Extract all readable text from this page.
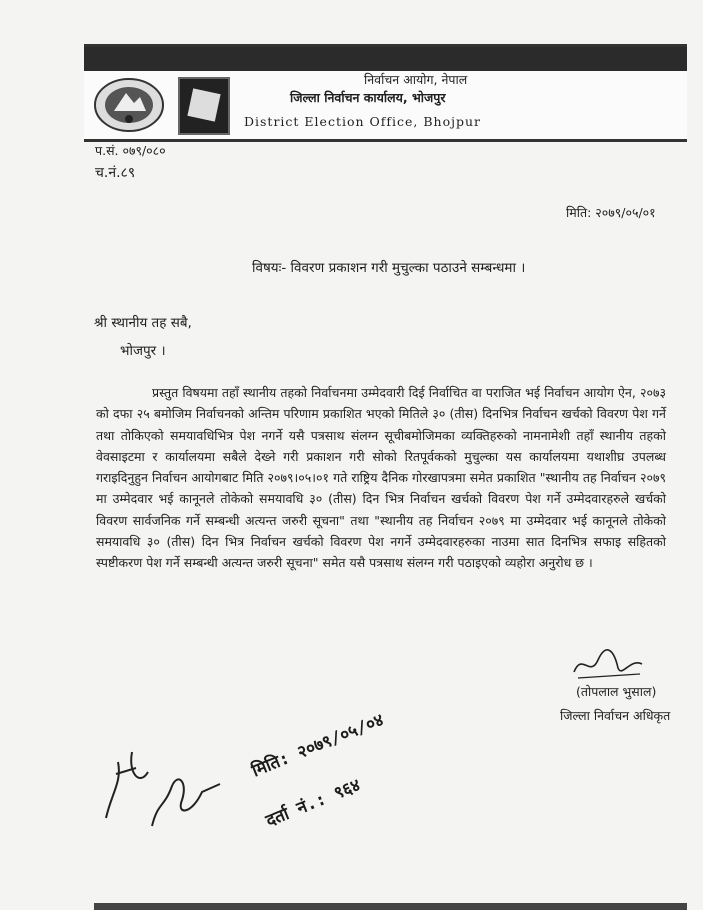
निर्वाचन आयोग, नेपाल
जिल्ला निर्वाचन कार्यालय, भोजपुर
District Election Office, Bhojpur
प.सं. ०७९/०८०
च.नं.८९
मिति: २०७९/०५/०१
विषयः- विवरण प्रकाशन गरी मुचुल्का पठाउने सम्बन्धमा ।
श्री स्थानीय तह सबै,
भोजपुर ।
प्रस्तुत विषयमा तहाँ स्थानीय तहको निर्वाचनमा उम्मेदवारी दिई निर्वाचित वा पराजित भई निर्वाचन आयोग ऐन, २०७३ को दफा २५ बमोजिम निर्वाचनको अन्तिम परिणाम प्रकाशित भएको मितिले ३० (तीस) दिनभित्र निर्वाचन खर्चको विवरण पेश गर्ने तथा तोकिएको समयावधिभित्र पेश नगर्ने यसै पत्रसाथ संलग्न सूचीबमोजिमका व्यक्तिहरुको नामनामेशी तहाँ स्थानीय तहको वेवसाइटमा र कार्यालयमा सबैले देख्ने गरी प्रकाशन गरी सोको रितपूर्वकको मुचुल्का यस कार्यालयमा यथाशीघ्र उपलब्ध गराइदिनुहुन निर्वाचन आयोगबाट मिति २०७९।०५।०१ गते राष्ट्रिय दैनिक गोरखापत्रमा समेत प्रकाशित "स्थानीय तह निर्वाचन २०७९ मा उम्मेदवार भई कानूनले तोकेको समयावधि ३० (तीस) दिन भित्र निर्वाचन खर्चको विवरण पेश गर्ने उम्मेदवारहरुले खर्चको विवरण सार्वजनिक गर्ने सम्बन्धी अत्यन्त जरुरी सूचना" तथा "स्थानीय तह निर्वाचन २०७९ मा उम्मेदवार भई कानूनले तोकेको समयावधि ३० (तीस) दिन भित्र निर्वाचन खर्चको विवरण पेश नगर्ने उम्मेदवारहरुका नाउमा सात दिनभित्र सफाइ सहितको स्पष्टीकरण पेश गर्ने सम्बन्धी अत्यन्त जरुरी सूचना" समेत यसै पत्रसाथ संलग्न गरी पठाइएको व्यहोरा अनुरोध छ ।
(तोपलाल भुसाल)
जिल्ला निर्वाचन अधिकृत
मिति: २०७९/०५/०४
दर्ता नं.: ९६४
